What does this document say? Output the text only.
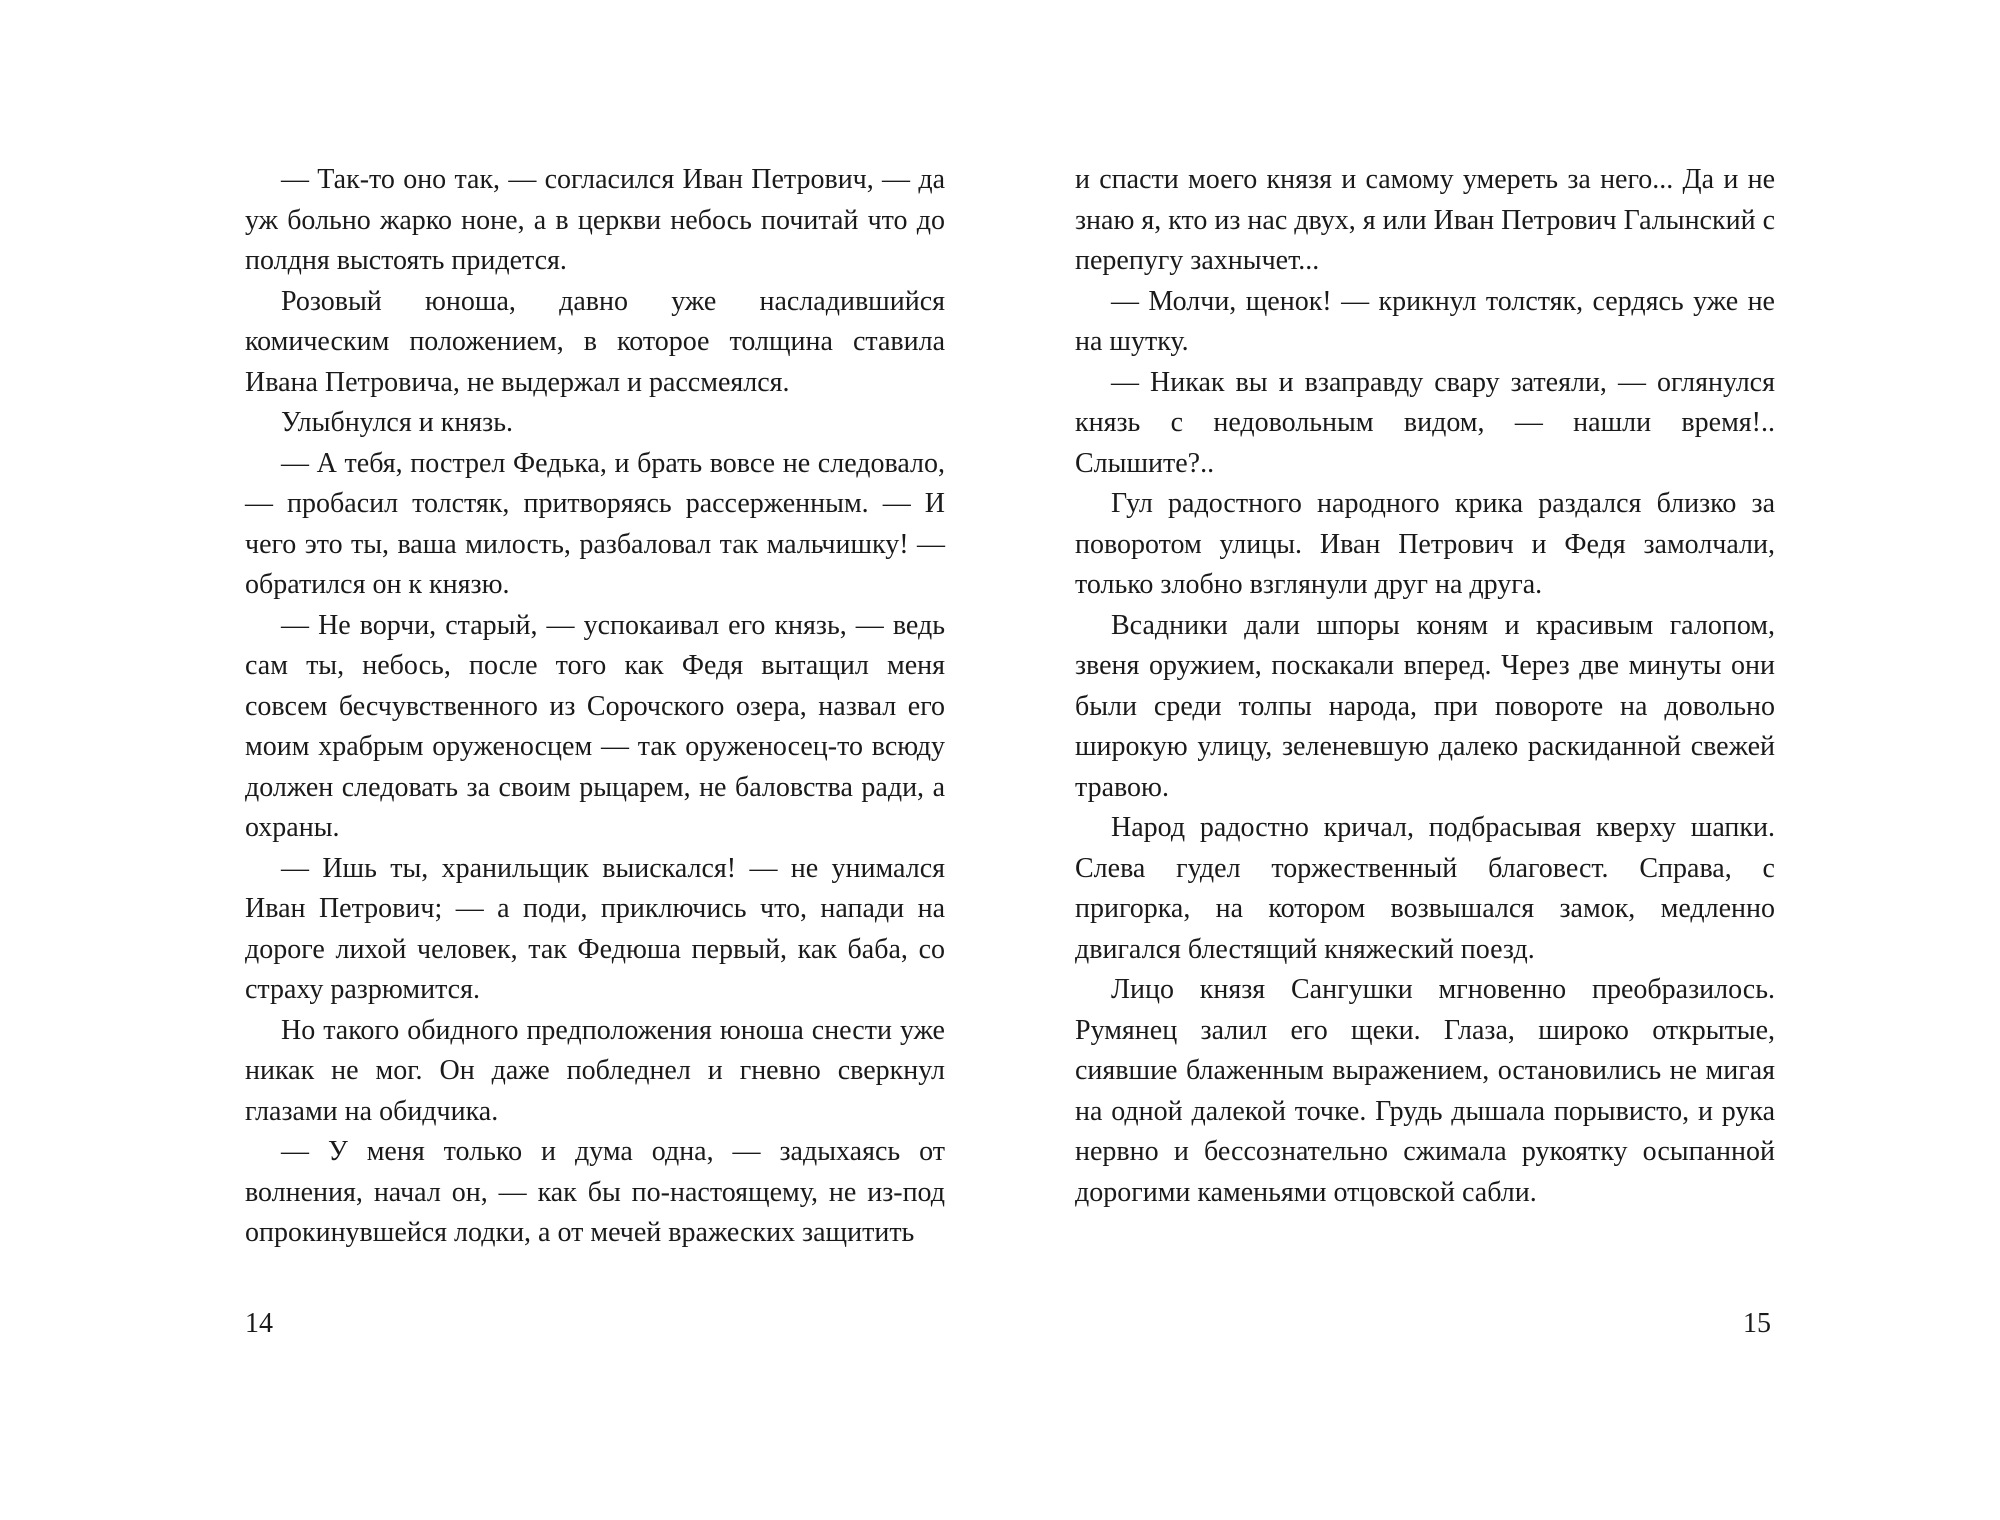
— Так-то оно так, — согласился Иван Петрович, — да уж больно жарко ноне, а в церкви небось почитай что до полдня выстоять придется.

Розовый юноша, давно уже насладившийся комическим положением, в которое толщина ставила Ивана Петровича, не выдержал и рассмеялся.

Улыбнулся и князь.

— А тебя, пострел Федька, и брать вовсе не следовало, — пробасил толстяк, притворяясь рассерженным. — И чего это ты, ваша милость, разбаловал так мальчишку! — обратился он к князю.

— Не ворчи, старый, — успокаивал его князь, — ведь сам ты, небось, после того как Федя вытащил меня совсем бесчувственного из Сорочского озера, назвал его моим храбрым оруженосцем — так оруженосец-то всюду должен следовать за своим рыцарем, не баловства ради, а охраны.

— Ишь ты, хранильщик выискался! — не унимался Иван Петрович; — а поди, приключись что, напади на дороге лихой человек, так Федюша первый, как баба, со страху разрюмится.

Но такого обидного предположения юноша снести уже никак не мог. Он даже побледнел и гневно сверкнул глазами на обидчика.

— У меня только и дума одна, — задыхаясь от волнения, начал он, — как бы по-настоящему, не из-под опрокинувшейся лодки, а от мечей вражеских защитить

и спасти моего князя и самому умереть за него... Да и не знаю я, кто из нас двух, я или Иван Петрович Галынский с перепугу захнычет...

— Молчи, щенок! — крикнул толстяк, сердясь уже не на шутку.

— Никак вы и взаправду свару затеяли, — оглянулся князь с недовольным видом, — нашли время!.. Слышите?..

Гул радостного народного крика раздался близко за поворотом улицы. Иван Петрович и Федя замолчали, только злобно взглянули друг на друга.

Всадники дали шпоры коням и красивым галопом, звеня оружием, поскакали вперед. Через две минуты они были среди толпы народа, при повороте на довольно широкую улицу, зеленевшую далеко раскиданной свежей травою.

Народ радостно кричал, подбрасывая кверху шапки. Слева гудел торжественный благовест. Справа, с пригорка, на котором возвышался замок, медленно двигался блестящий княжеский поезд.

Лицо князя Сангушки мгновенно преобразилось. Румянец залил его щеки. Глаза, широко открытые, сиявшие блаженным выражением, остановились не мигая на одной далекой точке. Грудь дышала порывисто, и рука нервно и бессознательно сжимала рукоятку осыпанной дорогими каменьями отцовской сабли.

14	15
